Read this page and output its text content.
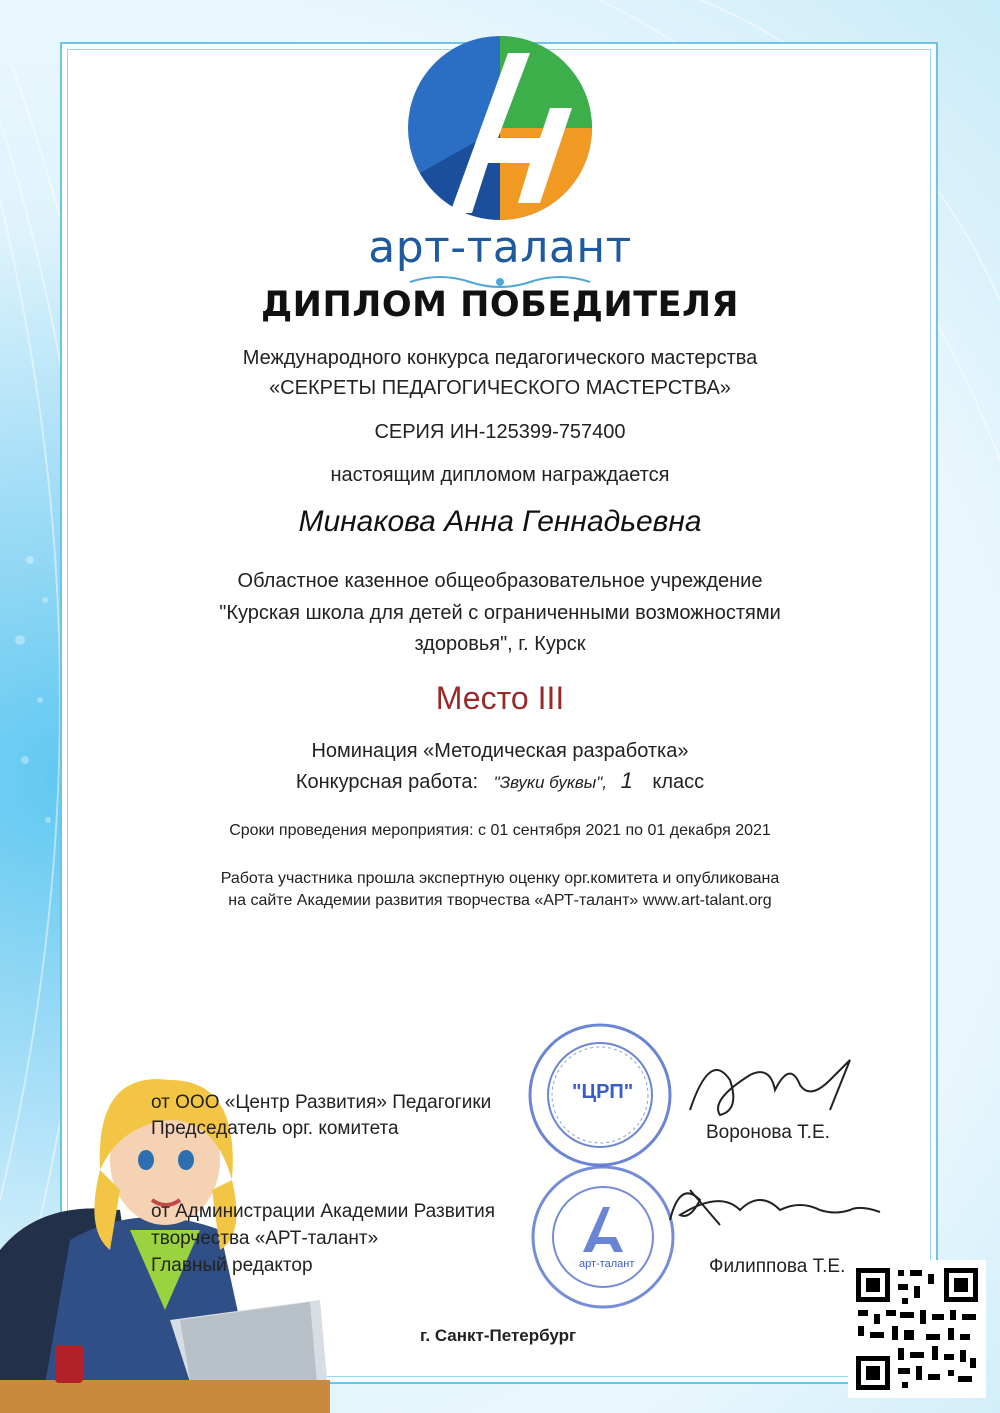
арт-талант
ДИПЛОМ ПОБЕДИТЕЛЯ
Международного конкурса педагогического мастерства
«СЕКРЕТЫ ПЕДАГОГИЧЕСКОГО МАСТЕРСТВА»
СЕРИЯ ИН-125399-757400
настоящим дипломом награждается
Минакова Анна Геннадьевна
Областное казенное общеобразовательное учреждение
"Курская школа для детей с ограниченными возможностями
здоровья", г. Курск
Место III
Номинация «Методическая разработка»
Конкурсная работа: "Звуки буквы", 1 класс
Сроки проведения мероприятия: с 01 сентября 2021 по 01 декабря 2021
Работа участника прошла экспертную оценку орг.комитета и опубликована
на сайте Академии развития творчества «АРТ-талант» www.art-talant.org
от ООО «Центр Развития» Педагогики
Председатель орг. комитета	Воронова Т.Е.
от Администрации Академии Развития
творчества «АРТ-талант»
Главный редактор	Филиппова Т.Е.
г. Санкт-Петербург
"ЦРП"
арт-талант
